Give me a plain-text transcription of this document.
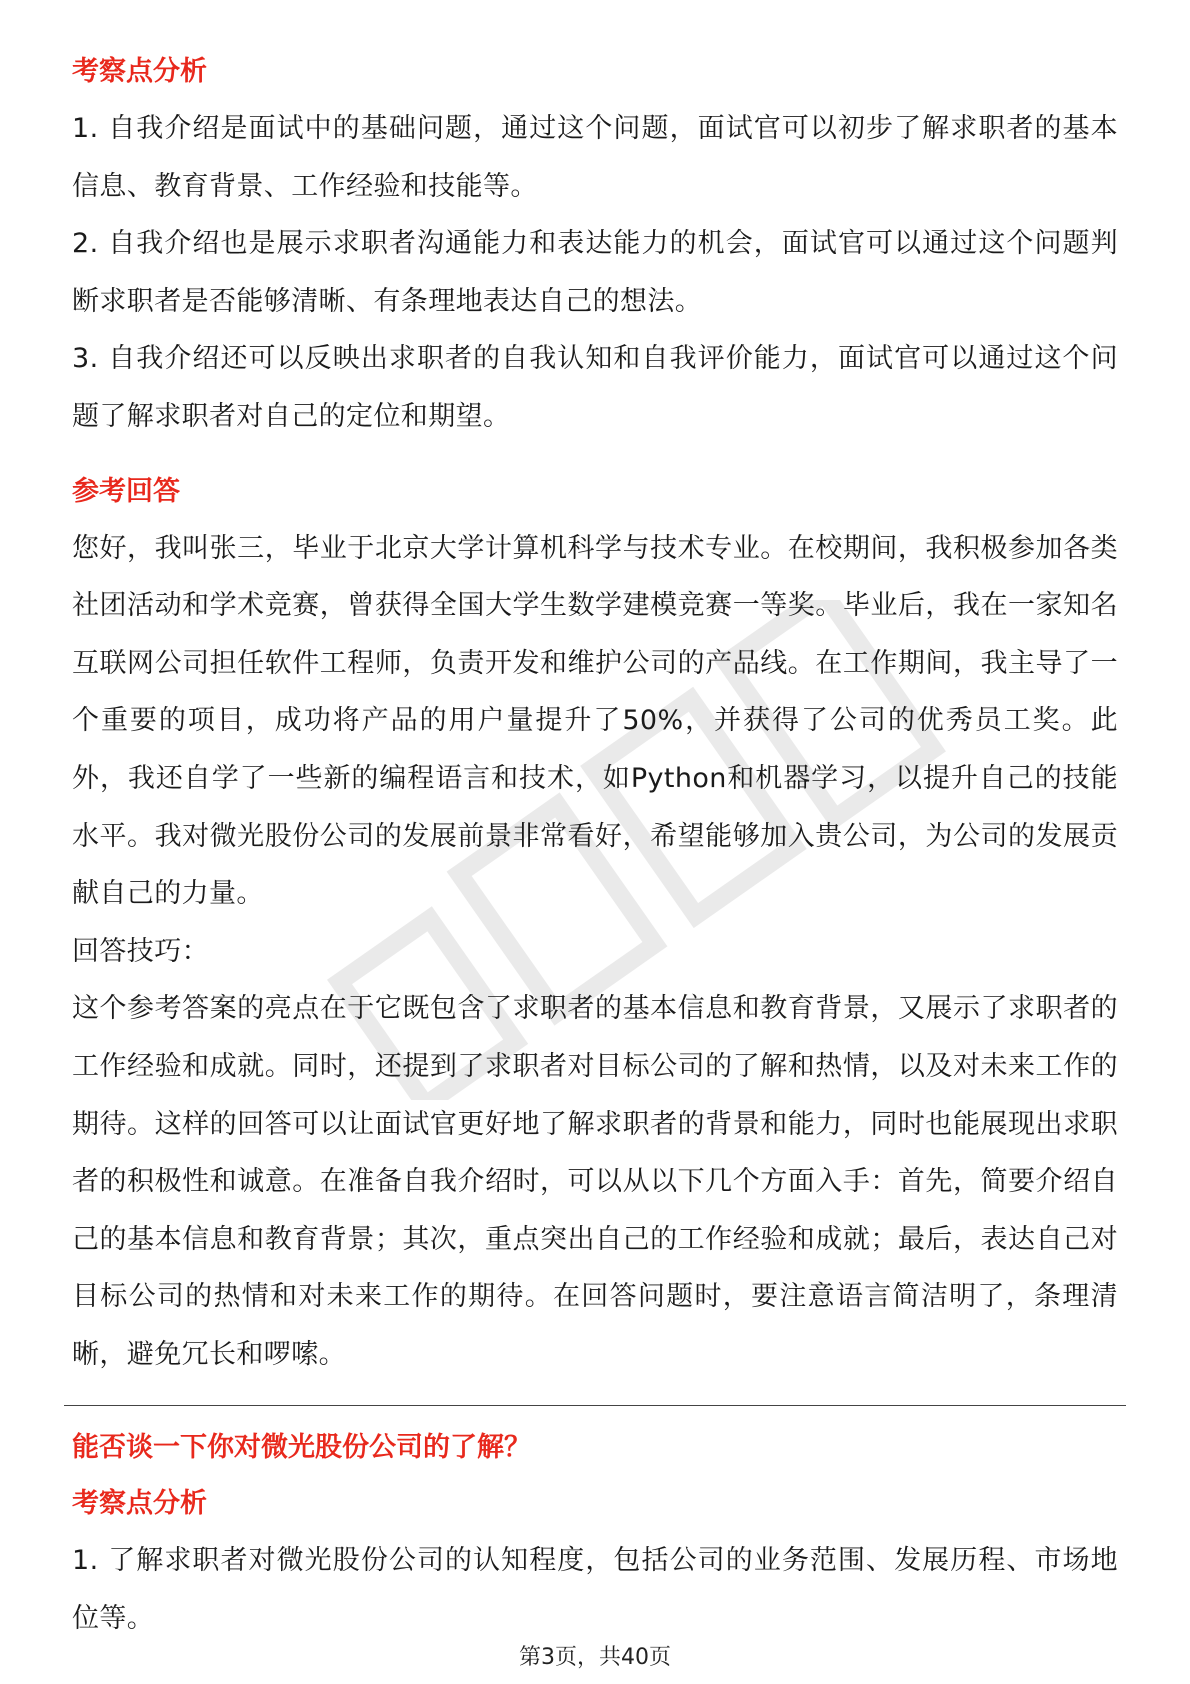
考察点分析

1. 自我介绍是面试中的基础问题，通过这个问题，面试官可以初步了解求职者的基本信息、教育背景、工作经验和技能等。

2. 自我介绍也是展示求职者沟通能力和表达能力的机会，面试官可以通过这个问题判断求职者是否能够清晰、有条理地表达自己的想法。

3. 自我介绍还可以反映出求职者的自我认知和自我评价能力，面试官可以通过这个问题了解求职者对自己的定位和期望。

参考回答

您好，我叫张三，毕业于北京大学计算机科学与技术专业。在校期间，我积极参加各类社团活动和学术竞赛，曾获得全国大学生数学建模竞赛一等奖。毕业后，我在一家知名互联网公司担任软件工程师，负责开发和维护公司的产品线。在工作期间，我主导了一个重要的项目，成功将产品的用户量提升了50%，并获得了公司的优秀员工奖。此外，我还自学了一些新的编程语言和技术，如Python和机器学习，以提升自己的技能水平。我对微光股份公司的发展前景非常看好，希望能够加入贵公司，为公司的发展贡献自己的力量。

回答技巧：

这个参考答案的亮点在于它既包含了求职者的基本信息和教育背景，又展示了求职者的工作经验和成就。同时，还提到了求职者对目标公司的了解和热情，以及对未来工作的期待。这样的回答可以让面试官更好地了解求职者的背景和能力，同时也能展现出求职者的积极性和诚意。在准备自我介绍时，可以从以下几个方面入手：首先，简要介绍自己的基本信息和教育背景；其次，重点突出自己的工作经验和成就；最后，表达自己对目标公司的热情和对未来工作的期待。在回答问题时，要注意语言简洁明了，条理清晰，避免冗长和啰嗦。

能否谈一下你对微光股份公司的了解？
考察点分析

1. 了解求职者对微光股份公司的认知程度，包括公司的业务范围、发展历程、市场地位等。

第3页，共40页
